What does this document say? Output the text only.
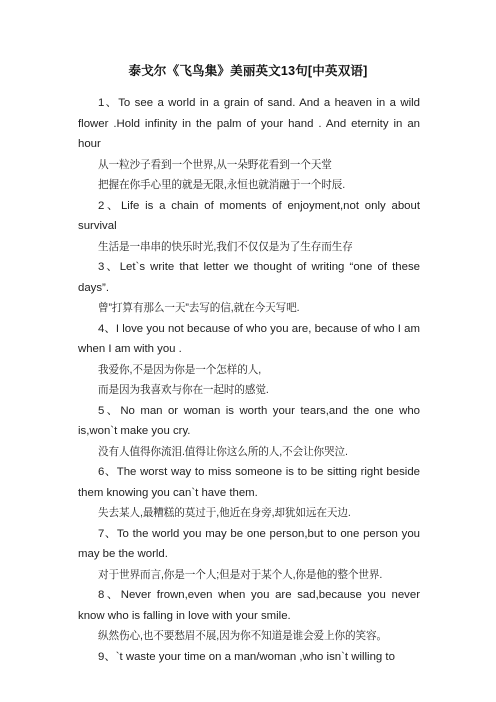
泰戈尔《飞鸟集》美丽英文13句[中英双语]

1、To see a world in a grain of sand. And a heaven in a wild flower .Hold infinity in the palm of your hand . And eternity in an hour

从一粒沙子看到一个世界,从一朵野花看到一个天堂

把握在你手心里的就是无限,永恒也就消融于一个时辰.

2、Life is a chain of moments of enjoyment,not only about survival

生活是一串串的快乐时光,我们不仅仅是为了生存而生存

3、Let`s write that letter we thought of writing “one of these days”.

曾”打算有那么一天”去写的信,就在今天写吧.

4、I love you not because of who you are, because of who I am when I am with you .

我爱你,不是因为你是一个怎样的人,

而是因为我喜欢与你在一起时的感觉.

5、No man or woman is worth your tears,and the one who is,won`t make you cry.

没有人值得你流泪.值得让你这么所的人,不会让你哭泣.

6、The worst way to miss someone is to be sitting right beside them knowing you can`t have them.

失去某人,最糟糕的莫过于,他近在身旁,却犹如远在天边.

7、To the world you may be one person,but to one person you may be the world.

对于世界而言,你是一个人;但是对于某个人,你是他的整个世界.

8、Never frown,even when you are sad,because you never know who is falling in love with your smile.

纵然伤心,也不要愁眉不展,因为你不知道是谁会爱上你的笑容。

9、`t waste your time on a man/woman ,who isn`t willing to
